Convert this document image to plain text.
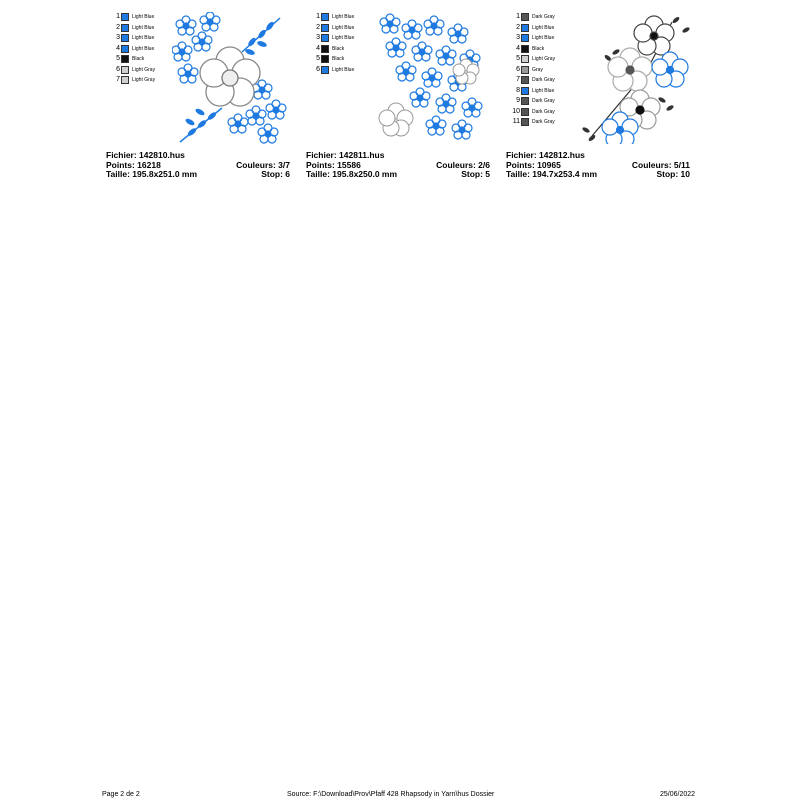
1 Light Blue
2 Light Blue
3 Light Blue
4 Light Blue
5 Black
6 Light Gray
7 Light Gray
Fichier: 142810.hus
Points: 16218	Couleurs: 3/7
Taille: 195.8x251.0 mm	Stop: 6
1 Light Blue
2 Light Blue
3 Light Blue
4 Black
5 Black
6 Light Blue
Fichier: 142811.hus
Points: 15586	Couleurs: 2/6
Taille: 195.8x250.0 mm	Stop: 5
1 Dark Gray
2 Light Blue
3 Light Blue
4 Black
5 Light Gray
6 Gray
7 Dark Gray
8 Light Blue
9 Dark Gray
10 Dark Gray
11 Dark Gray
Fichier: 142812.hus
Points: 10965	Couleurs: 5/11
Taille: 194.7x253.4 mm	Stop: 10
Page 2 de 2	Source: F:\Download\Prov\Pfaff 428 Rhapsody in Yarn\hus Dossier	25/06/2022
